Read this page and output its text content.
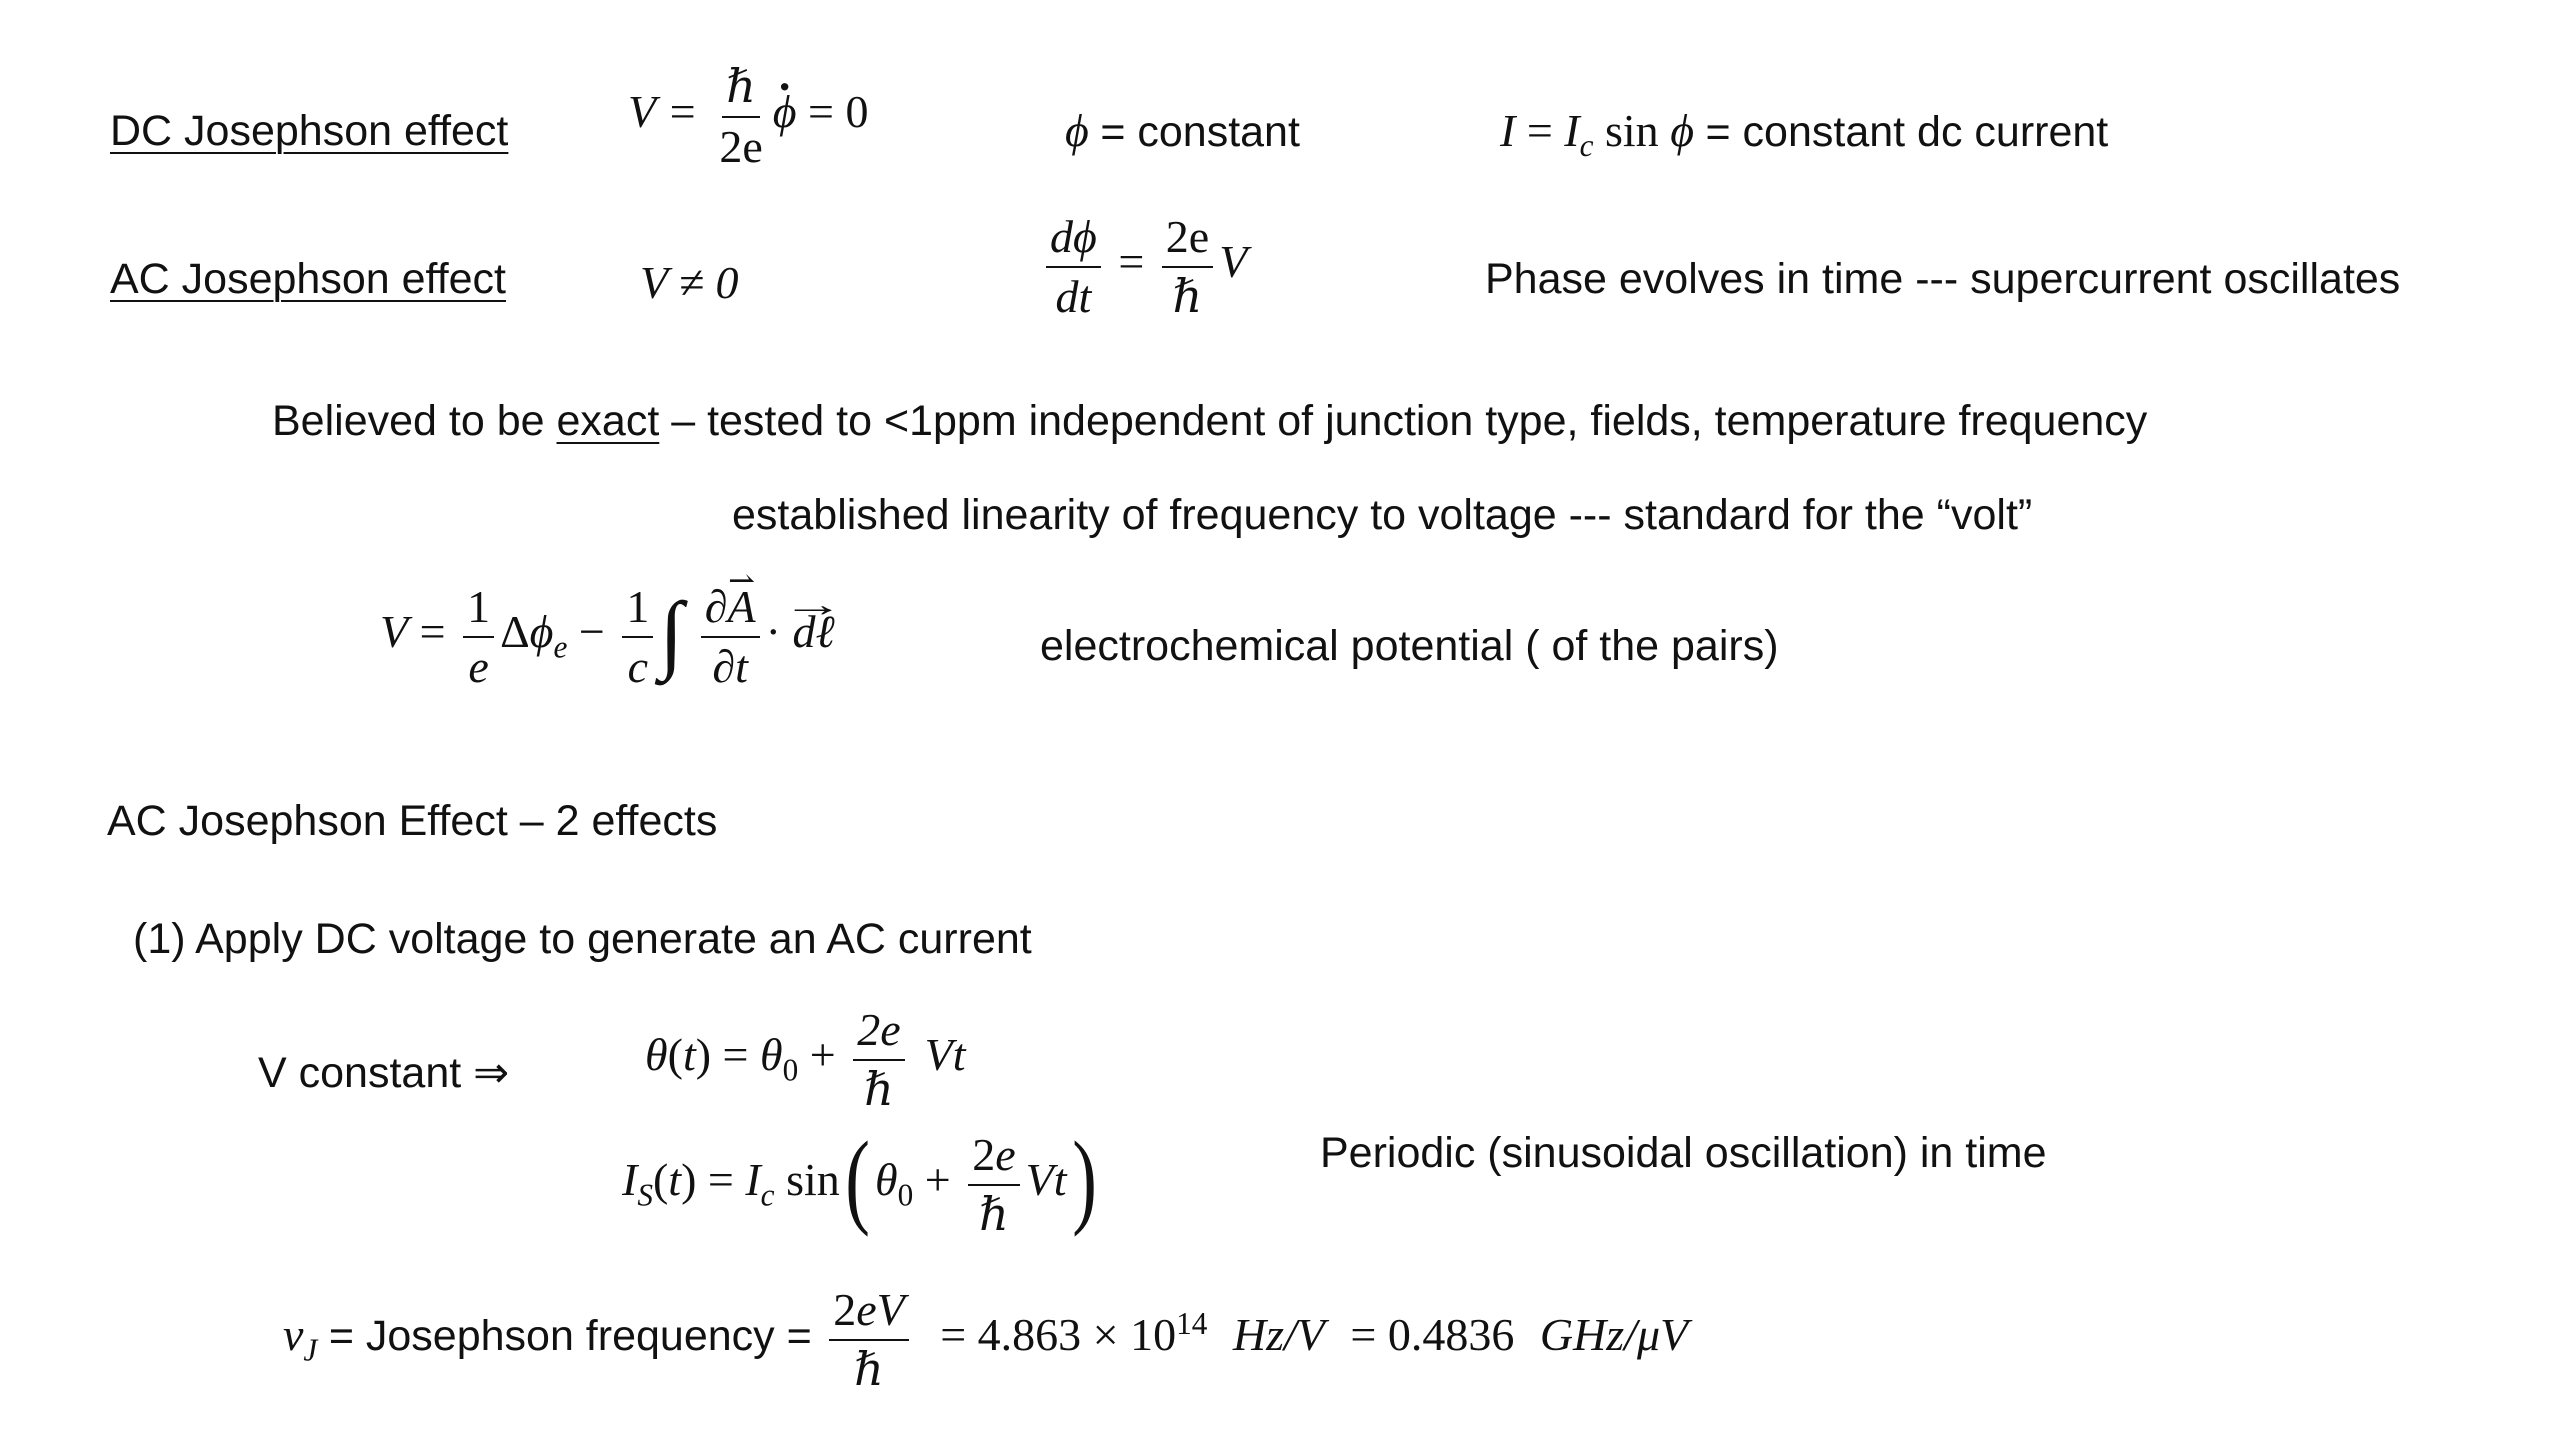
DC Josephson effect	$V = \frac{\text{ℏ}}{2e}$
· ϕ = 0	ϕ = constant	$I = I_c$ sin ϕ = constant dc current
AC Josephson effect	V ≠ 0	$\frac{d\phi}{dt} = \frac{2e}{\text{ℏ}}$ V	Phase evolves in time --- supercurrent oscillates
Believed to be exact – tested to <1ppm independent of junction type, fields, temperature frequency
established linearity of frequency to voltage --- standard for the “volt”
$V = \frac{1}{e} \Delta\phi_e - \frac{1}{c}$ ∫ $\frac{\partial⇀ A}{\partial t}$ · → dℓ	electrochemical potential ( of the pairs)
AC Josephson Effect – 2 effects
(1) Apply DC voltage to generate an AC current
V constant ⇒	$\theta(t) = \theta_0 + \frac{2e}{\text{ℏ}}$ Vt
$I_S(t) = I_c$ sin( $\theta_0 + \frac{2e}{\text{ℏ}} Vt$)	Periodic (sinusoidal oscillation) in time
$\nu_J$ = Josephson frequency = $\frac{2eV}{\text{ℏ}} = 4.863 \times 10^{14}$ Hz/V = 0.4836 GHz/μV
